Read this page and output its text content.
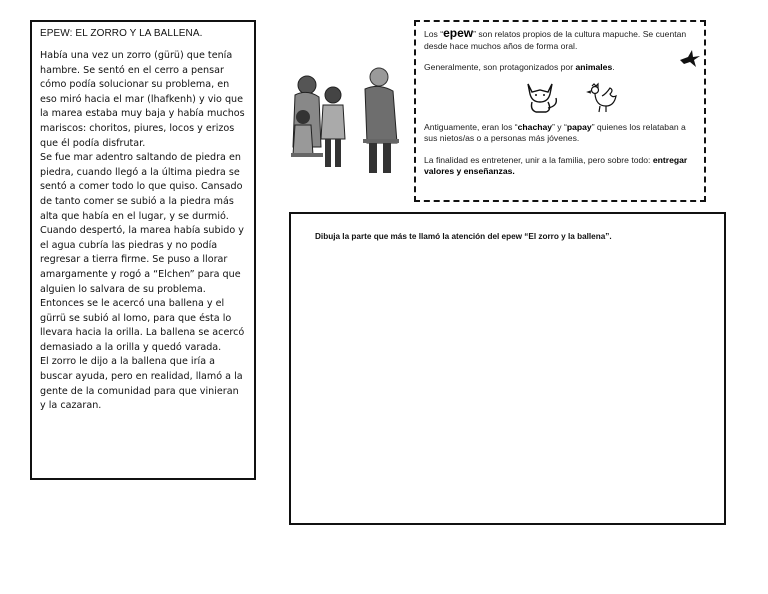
EPEW: EL ZORRO Y LA BALLENA.

Había una vez un zorro (gürü) que tenía hambre. Se sentó en el cerro a pensar cómo podía solucionar su problema, en eso miró hacia el mar (lhafkenh) y vio que la marea estaba muy baja y había muchos mariscos: choritos, piures, locos y erizos que él podía disfrutar.

Se fue mar adentro saltando de piedra en piedra, cuando llegó a la última piedra se sentó a comer todo lo que quiso. Cansado de tanto comer se subió a la piedra más alta que había en el lugar, y se durmió.

Cuando despertó, la marea había subido y el agua cubría las piedras y no podía regresar a tierra firme. Se puso a llorar amargamente y rogó a “Elchen” para que alguien lo salvara de su problema. Entonces se le acercó una ballena y el gürrü se subió al lomo, para que ésta lo llevara hacia la orilla. La ballena se acercó demasiado a la orilla y quedó varada.

El zorro le dijo a la ballena que iría a buscar ayuda, pero en realidad, llamó a la gente de la comunidad para que vinieran y la cazaran.

Los “epew” son relatos propios de la cultura mapuche. Se cuentan desde hace muchos años de forma oral.

Generalmente, son protagonizados por animales.

Antiguamente, eran los “chachay” y “papay” quienes los relataban a sus nietos/as o a personas más jóvenes.

La finalidad es entretener, unir a la familia, pero sobre todo: entregar valores y enseñanzas.

Dibuja la parte que más te llamó la atención del epew “El zorro y la ballena”.
